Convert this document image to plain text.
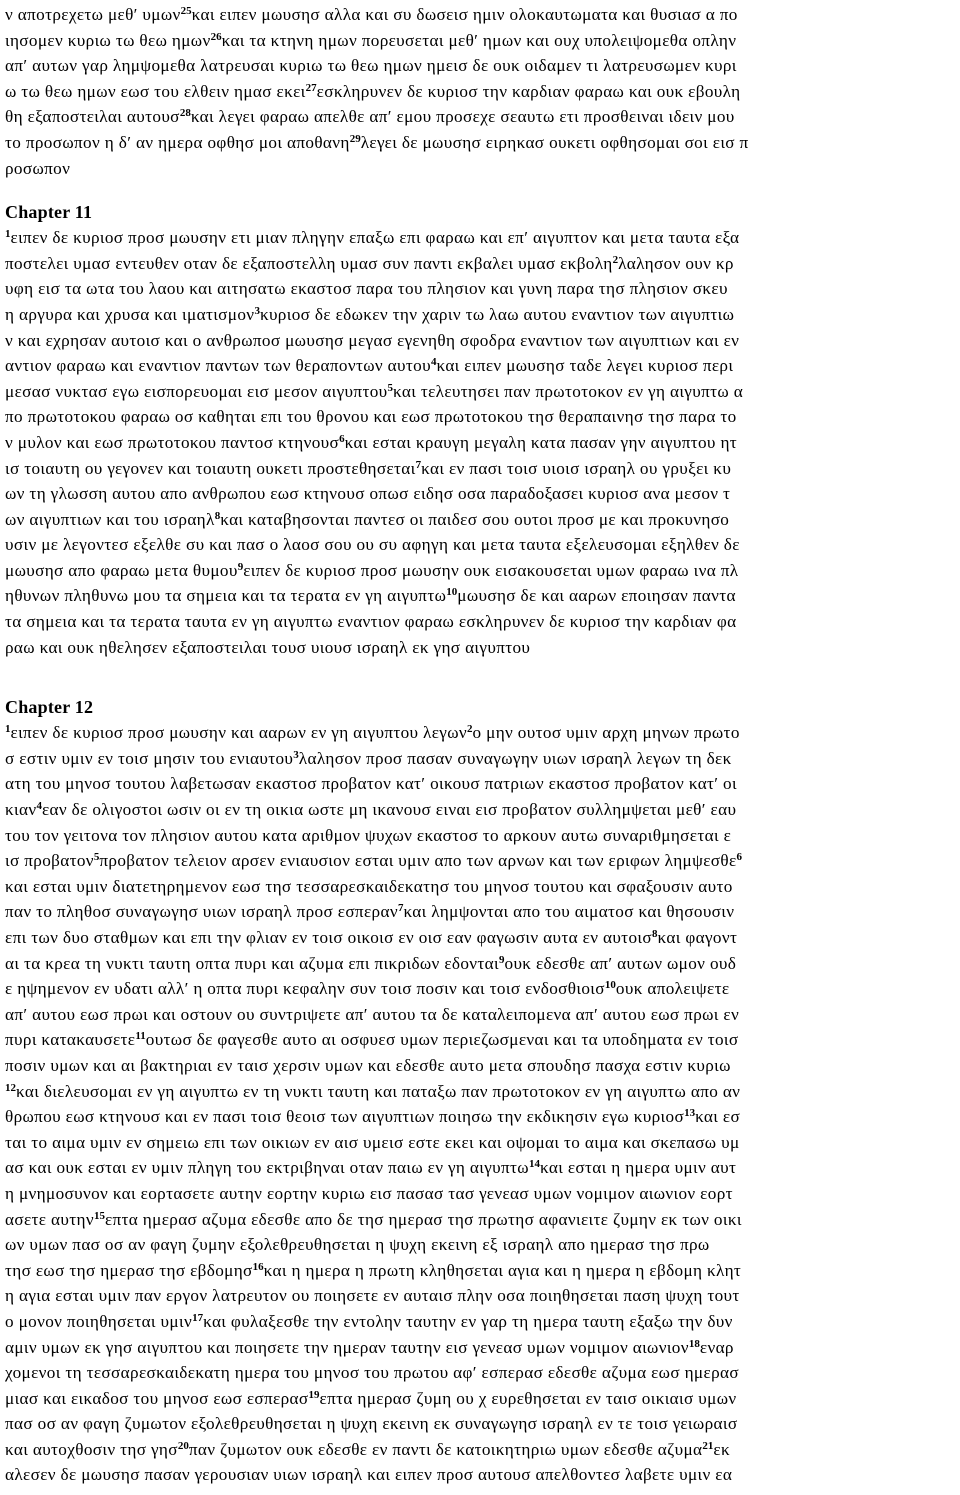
ν αποτρεχετω μεθʹ υμων$^{25}$και ειπεν μωυσησ αλλα και συ δωσεισ ημιν ολοκαυτωματα και θυσιασ α πο
ιησομεν κυριω τω θεω ημων$^{26}$και τα κτηνη ημων πορευσεται μεθʹ ημων και ουχ υπολειψομεθα οπλην
απʹ αυτων γαρ λημψομεθα λατρευσαι κυριω τω θεω ημων ημεισ δε ουκ οιδαμεν τι λατρευσωμεν κυρι
ω τω θεω ημων εωσ του ελθειν ημασ εκει$^{27}$εσκληρυνεν δε κυριοσ την καρδιαν φαραω και ουκ εβουλη
θη εξαποστειλαι αυτουσ$^{28}$και λεγει φαραω απελθε απʹ εμου προσεχε σεαυτω ετι προσθειναι ιδειν μου
το προσωπον η δʹ αν ημερα οφθησ μοι αποθανη$^{29}$λεγει δε μωυσησ ειρηκασ ουκετι οφθησομαι σοι εισ π
ροσωπον
Chapter 11
$^1$ειπεν δε κυριοσ προσ μωυσην ετι μιαν πληγην επαξω επι φαραω και επʹ αιγυπτον και μετα ταυτα εξα
ποστελει υμασ εντευθεν οταν δε εξαποστελλη υμασ συν παντι εκβαλει υμασ εκβολη$^2$λαλησον ουν κρ
υφη εισ τα ωτα του λαου και αιτησατω εκαστοσ παρα του πλησιον και γυνη παρα τησ πλησιον σκευ
η αργυρα και χρυσα και ιματισμον$^3$κυριοσ δε εδωκεν την χαριν τω λαω αυτου εναντιον των αιγυπτιω
ν και εχρησαν αυτοισ και ο ανθρωποσ μωυσησ μεγασ εγενηθη σφοδρα εναντιον των αιγυπτιων και εν
αντιον φαραω και εναντιον παντων των θεραποντων αυτου$^4$και ειπεν μωυσησ ταδε λεγει κυριοσ περι
μεσασ νυκτασ εγω εισπορευομαι εισ μεσον αιγυπτου$^5$και τελευτησει παν πρωτοτοκον εν γη αιγυπτω α
πο πρωτοτοκου φαραω οσ καθηται επι του θρονου και εωσ πρωτοτοκου τησ θεραπαινησ τησ παρα το
ν μυλον και εωσ πρωτοτοκου παντοσ κτηνουσ$^6$και εσται κραυγη μεγαλη κατα πασαν γην αιγυπτου ητ
ισ τοιαυτη ου γεγονεν και τοιαυτη ουκετι προστεθησεται$^7$και εν πασι τοισ υιοισ ισραηλ ου γρυξει κυ
ων τη γλωσση αυτου απο ανθρωπου εωσ κτηνουσ οπωσ ειδησ οσα παραδοξασει κυριοσ ανα μεσον τ
ων αιγυπτιων και του ισραηλ$^8$και καταβησονται παντεσ οι παιδεσ σου ουτοι προσ με και προκυνησο
υσιν με λεγοντεσ εξελθε συ και πασ ο λαοσ σου ου συ αφηγη και μετα ταυτα εξελευσομαι εξηλθεν δε
μωυσησ απο φαραω μετα θυμου$^9$ειπεν δε κυριοσ προσ μωυσην ουκ εισακουσεται υμων φαραω ινα πλ
ηθυνων πληθυνω μου τα σημεια και τα τερατα εν γη αιγυπτω$^{10}$μωυσησ δε και ααρων εποιησαν παντα
τα σημεια και τα τερατα ταυτα εν γη αιγυπτω εναντιον φαραω εσκληρυνεν δε κυριοσ την καρδιαν φα
ραω και ουκ ηθελησεν εξαποστειλαι τουσ υιουσ ισραηλ εκ γησ αιγυπτου
Chapter 12
$^1$ειπεν δε κυριοσ προσ μωυσην και ααρων εν γη αιγυπτου λεγων$^2$ο μην ουτοσ υμιν αρχη μηνων πρωτο
σ εστιν υμιν εν τοισ μησιν του ενιαυτου$^3$λαλησον προσ πασαν συναγωγην υιων ισραηλ λεγων τη δεκ
ατη του μηνοσ τουτου λαβετωσαν εκαστοσ προβατον κατʹ οικουσ πατριων εκαστοσ προβατον κατʹ οι
κιαν$^4$εαν δε ολιγοστοι ωσιν οι εν τη οικια ωστε μη ικανουσ ειναι εισ προβατον συλλημψεται μεθʹ εαυ
του τον γειτονα τον πλησιον αυτου κατα αριθμον ψυχων εκαστοσ το αρκουν αυτω συναριθμησεται ε
ισ προβατον$^5$προβατον τελειον αρσεν ενιαυσιον εσται υμιν απο των αρνων και των εριφων λημψεσθε$^6$
και εσται υμιν διατετηρημενον εωσ τησ τεσσαρεσκαιδεκατησ του μηνοσ τουτου και σφαξουσιν αυτο
παν το πληθοσ συναγωγησ υιων ισραηλ προσ εσπεραν$^7$και λημψονται απο του αιματοσ και θησουσιν
επι των δυο σταθμων και επι την φλιαν εν τοισ οικοισ εν οισ εαν φαγωσιν αυτα εν αυτοισ$^8$και φαγοντ
αι τα κρεα τη νυκτι ταυτη οπτα πυρι και αζυμα επι πικριδων εδονται$^9$ουκ εδεσθε απʹ αυτων ωμον ουδ
ε ηψημενον εν υδατι αλλʹ η οπτα πυρι κεφαλην συν τοισ ποσιν και τοισ ενδοσθιοισ$^{10}$ουκ απολειψετε
απʹ αυτου εωσ πρωι και οστουν ου συντριψετε απʹ αυτου τα δε καταλειπομενα απʹ αυτου εωσ πρωι εν
πυρι κατακαυσετε$^{11}$ουτωσ δε φαγεσθε αυτο αι οσφυεσ υμων περιεζωσμεναι και τα υποδηματα εν τοισ
ποσιν υμων και αι βακτηριαι εν ταισ χερσιν υμων και εδεσθε αυτο μετα σπουδησ πασχα εστιν κυριω
$^{12}$και διελευσομαι εν γη αιγυπτω εν τη νυκτι ταυτη και παταξω παν πρωτοτοκον εν γη αιγυπτω απο αν
θρωπου εωσ κτηνουσ και εν πασι τοισ θεοισ των αιγυπτιων ποιησω την εκδικησιν εγω κυριοσ$^{13}$και εσ
ται το αιμα υμιν εν σημειω επι των οικιων εν αισ υμεισ εστε εκει και οψομαι το αιμα και σκεπασω υμ
ασ και ουκ εσται εν υμιν πληγη του εκτριβηναι οταν παιω εν γη αιγυπτω$^{14}$και εσται η ημερα υμιν αυτ
η μνημοσυνον και εορτασετε αυτην εορτην κυριω εισ πασασ τασ γενεασ υμων νομιμον αιωνιον εορτ
ασετε αυτην$^{15}$επτα ημερασ αζυμα εδεσθε απο δε τησ ημερασ τησ πρωτησ αφανιειτε ζυμην εκ των οικι
ων υμων πασ οσ αν φαγη ζυμην εξολεθρευθησεται η ψυχη εκεινη εξ ισραηλ απο ημερασ τησ πρω
τησ εωσ τησ ημερασ τησ εβδομησ$^{16}$και η ημερα η πρωτη κληθησεται αγια και η ημερα η εβδομη κλητ
η αγια εσται υμιν παν εργον λατρευτον ου ποιησετε εν αυταισ πλην οσα ποιηθησεται παση ψυχη τουτ
ο μονον ποιηθησεται υμιν$^{17}$και φυλαξεσθε την εντολην ταυτην εν γαρ τη ημερα ταυτη εξαξω την δυν
αμιν υμων εκ γησ αιγυπτου και ποιησετε την ημεραν ταυτην εισ γενεασ υμων νομιμον αιωνιον$^{18}$εναρ
χομενοι τη τεσσαρεσκαιδεκατη ημερα του μηνοσ του πρωτου αφʹ εσπερασ εδεσθε αζυμα εωσ ημερασ
μιασ και εικαδοσ του μηνοσ εωσ εσπερασ$^{19}$επτα ημερασ ζυμη ου χ ευρεθησεται εν ταισ οικιαισ υμων
πασ οσ αν φαγη ζυμωτον εξολεθρευθησεται η ψυχη εκεινη εκ συναγωγησ ισραηλ εν τε τοισ γειωραισ
και αυτοχθοσιν τησ γησ$^{20}$παν ζυμωτον ουκ εδεσθε εν παντι δε κατοικητηριω υμων εδεσθε αζυμα$^{21}$εκ
αλεσεν δε μωυσησ πασαν γερουσιαν υιων ισραηλ και ειπεν προσ αυτουσ απελθοντεσ λαβετε υμιν εα
